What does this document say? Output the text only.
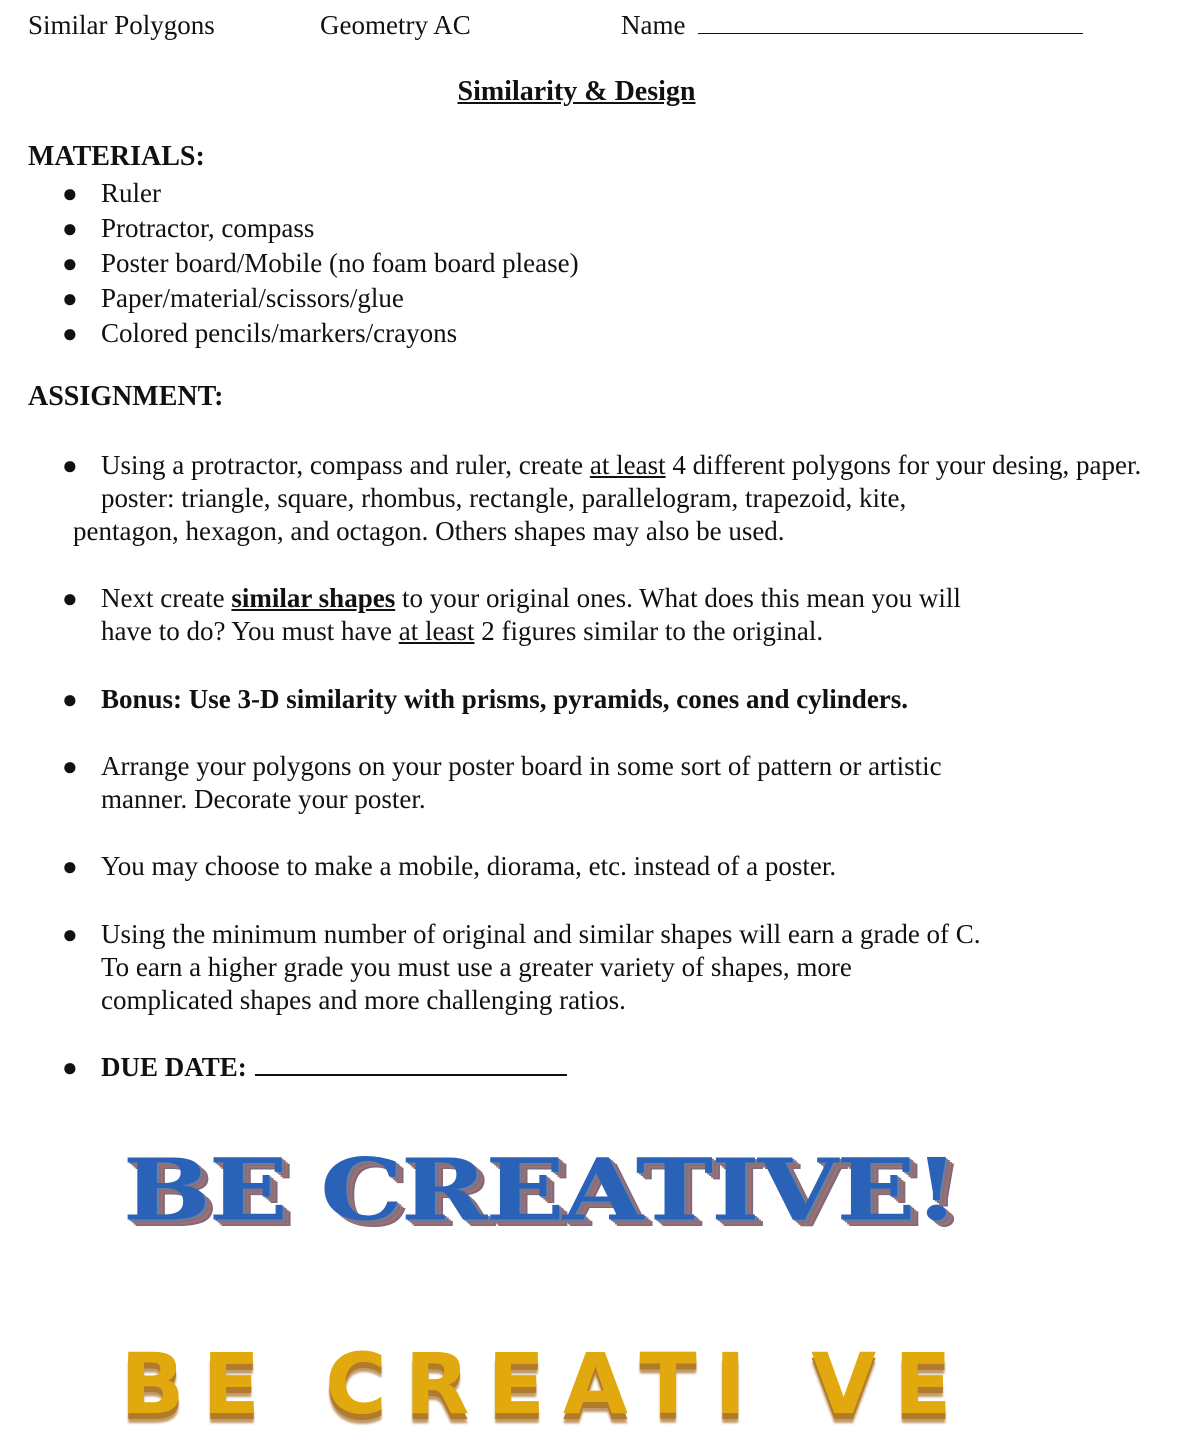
Similar Polygons	Geometry AC	Name
Similarity & Design
MATERIALS:
● Ruler
● Protractor, compass
● Poster board/Mobile (no foam board please)
● Paper/material/scissors/glue
● Colored pencils/markers/crayons
ASSIGNMENT:
● Using a protractor, compass and ruler, create at least 4 different polygons for your desing, paper.
poster: triangle, square, rhombus, rectangle, parallelogram, trapezoid, kite,
pentagon, hexagon, and octagon. Others shapes may also be used.
● Next create similar shapes to your original ones. What does this mean you will
have to do? You must have at least 2 figures similar to the original.
● Bonus: Use 3-D similarity with prisms, pyramids, cones and cylinders.
● Arrange your polygons on your poster board in some sort of pattern or artistic
manner. Decorate your poster.
● You may choose to make a mobile, diorama, etc. instead of a poster.
● Using the minimum number of original and similar shapes will earn a grade of C.
To earn a higher grade you must use a greater variety of shapes, more
complicated shapes and more challenging ratios.
● DUE DATE:
BE CREATIVE!
BE CREATI VE
